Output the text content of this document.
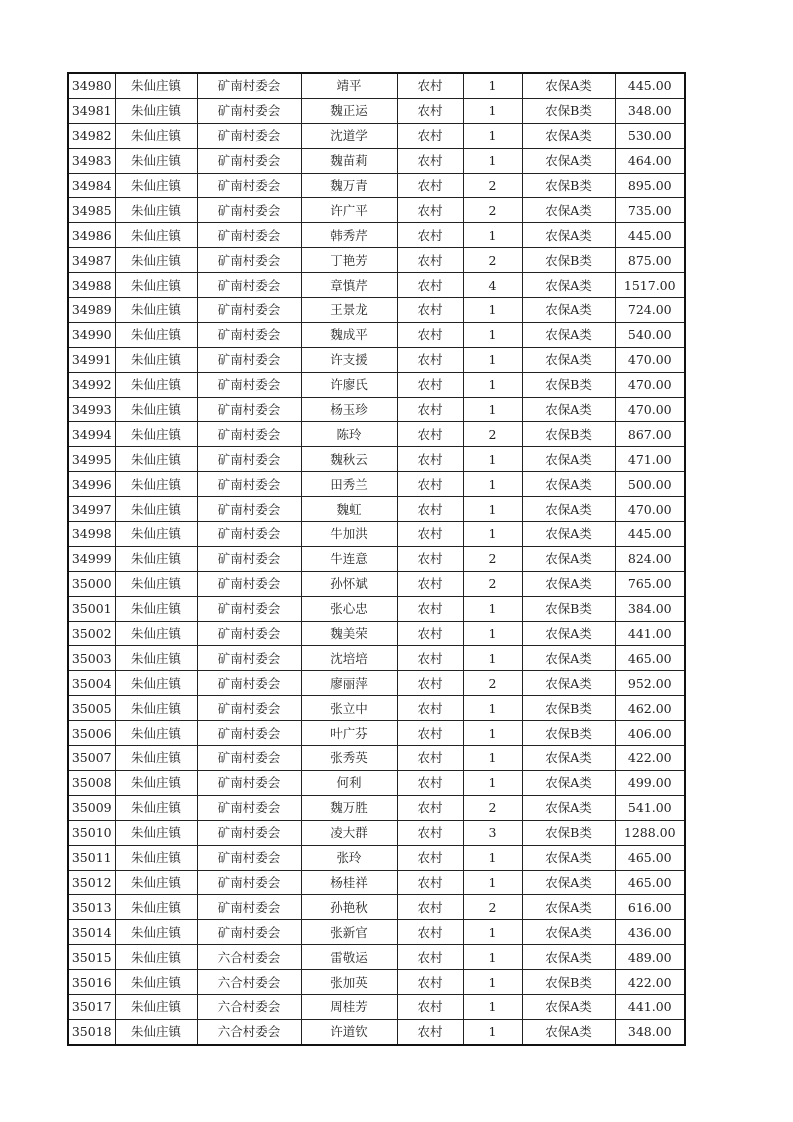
34980	朱仙庄镇	矿南村委会	靖平	农村	1	农保A类	445.00
34981	朱仙庄镇	矿南村委会	魏正运	农村	1	农保B类	348.00
34982	朱仙庄镇	矿南村委会	沈道学	农村	1	农保A类	530.00
34983	朱仙庄镇	矿南村委会	魏苗莉	农村	1	农保A类	464.00
34984	朱仙庄镇	矿南村委会	魏万青	农村	2	农保B类	895.00
34985	朱仙庄镇	矿南村委会	许广平	农村	2	农保A类	735.00
34986	朱仙庄镇	矿南村委会	韩秀芹	农村	1	农保A类	445.00
34987	朱仙庄镇	矿南村委会	丁艳芳	农村	2	农保B类	875.00
34988	朱仙庄镇	矿南村委会	章慎芹	农村	4	农保A类	1517.00
34989	朱仙庄镇	矿南村委会	王景龙	农村	1	农保A类	724.00
34990	朱仙庄镇	矿南村委会	魏成平	农村	1	农保A类	540.00
34991	朱仙庄镇	矿南村委会	许支援	农村	1	农保A类	470.00
34992	朱仙庄镇	矿南村委会	许廖氏	农村	1	农保B类	470.00
34993	朱仙庄镇	矿南村委会	杨玉珍	农村	1	农保A类	470.00
34994	朱仙庄镇	矿南村委会	陈玲	农村	2	农保B类	867.00
34995	朱仙庄镇	矿南村委会	魏秋云	农村	1	农保A类	471.00
34996	朱仙庄镇	矿南村委会	田秀兰	农村	1	农保A类	500.00
34997	朱仙庄镇	矿南村委会	魏虹	农村	1	农保A类	470.00
34998	朱仙庄镇	矿南村委会	牛加洪	农村	1	农保A类	445.00
34999	朱仙庄镇	矿南村委会	牛连意	农村	2	农保A类	824.00
35000	朱仙庄镇	矿南村委会	孙怀斌	农村	2	农保A类	765.00
35001	朱仙庄镇	矿南村委会	张心忠	农村	1	农保B类	384.00
35002	朱仙庄镇	矿南村委会	魏美荣	农村	1	农保A类	441.00
35003	朱仙庄镇	矿南村委会	沈培培	农村	1	农保A类	465.00
35004	朱仙庄镇	矿南村委会	廖丽萍	农村	2	农保A类	952.00
35005	朱仙庄镇	矿南村委会	张立中	农村	1	农保B类	462.00
35006	朱仙庄镇	矿南村委会	叶广芬	农村	1	农保B类	406.00
35007	朱仙庄镇	矿南村委会	张秀英	农村	1	农保A类	422.00
35008	朱仙庄镇	矿南村委会	何利	农村	1	农保A类	499.00
35009	朱仙庄镇	矿南村委会	魏万胜	农村	2	农保A类	541.00
35010	朱仙庄镇	矿南村委会	凌大群	农村	3	农保B类	1288.00
35011	朱仙庄镇	矿南村委会	张玲	农村	1	农保A类	465.00
35012	朱仙庄镇	矿南村委会	杨桂祥	农村	1	农保A类	465.00
35013	朱仙庄镇	矿南村委会	孙艳秋	农村	2	农保A类	616.00
35014	朱仙庄镇	矿南村委会	张新官	农村	1	农保A类	436.00
35015	朱仙庄镇	六合村委会	雷敬运	农村	1	农保A类	489.00
35016	朱仙庄镇	六合村委会	张加英	农村	1	农保B类	422.00
35017	朱仙庄镇	六合村委会	周桂芳	农村	1	农保A类	441.00
35018	朱仙庄镇	六合村委会	许道钦	农村	1	农保A类	348.00
